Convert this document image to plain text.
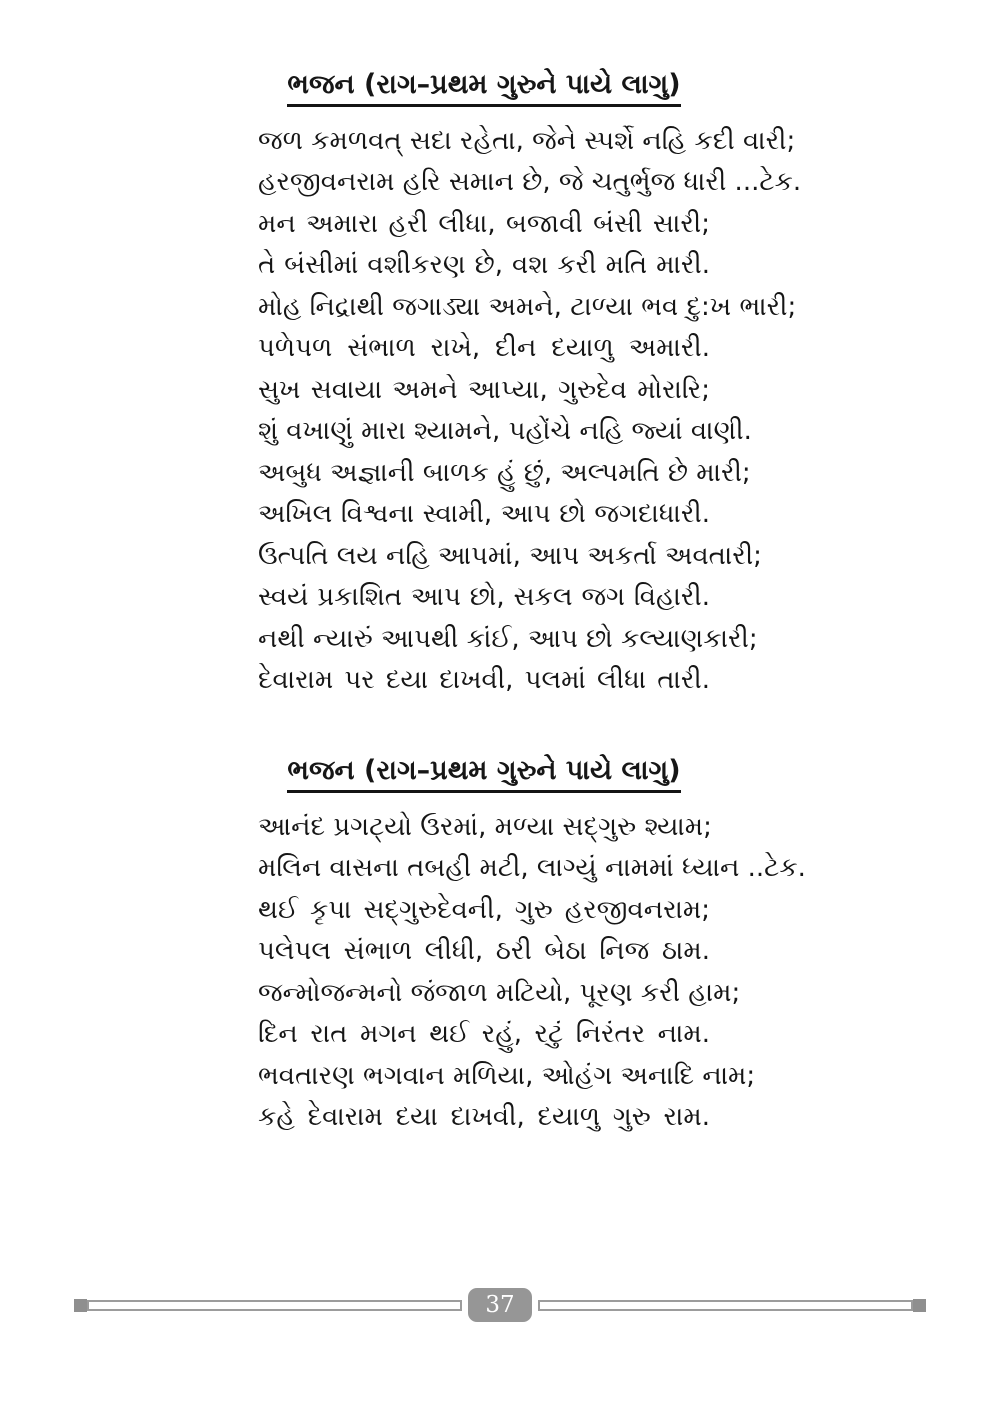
ભજન (રાગ–પ્રથમ ગુરુને પાયે લાગુ)
જળ કમળવત્ સદા રહેતા, જેને સ્પર્શે નહિ કદી વારી;
હરજીવનરામ હરિ સમાન છે, જે ચતુર્ભુજ ધારી ...ટેક.
મન અમારા હરી લીધા, બજાવી બંસી સારી;
તે બંસીમાં વશીકરણ છે, વશ કરી મતિ મારી.
મોહ નિદ્રાથી જગાડ્યા અમને, ટાળ્યા ભવ દુ:ખ ભારી;
પળેપળ સંભાળ રાખે, દીન દયાળુ અમારી.
સુખ સવાયા અમને આપ્યા, ગુરુદેવ મોરારિ;
શું વખાણું મારા શ્યામને, પહોંચે નહિ જ્યાં વાણી.
અબુધ અજ્ઞાની બાળક હું છું, અલ્પમતિ છે મારી;
અખિલ વિશ્વના સ્વામી, આપ છો જગદાધારી.
ઉત્પતિ લય નહિ આપમાં, આપ અકર્તા અવતારી;
સ્વયં પ્રકાશિત આપ છો, સકલ જગ વિહારી.
નથી ન્યારું આપથી કાંઈ, આપ છો કલ્યાણકારી;
દેવારામ પર દયા દાખવી, પલમાં લીધા તારી.
ભજન (રાગ–પ્રથમ ગુરુને પાયે લાગુ)
આનંદ પ્રગટ્યો ઉરમાં, મળ્યા સદ્ગુરુ શ્યામ;
મલિન વાસના તબહી મટી, લાગ્યું નામમાં ધ્યાન ..ટેક.
થઈ કૃપા સદ્ગુરુદેવની, ગુરુ હરજીવનરામ;
પલેપલ સંભાળ લીધી, ઠરી બેઠા નિજ ઠામ.
જન્મોજન્મનો જંજાળ મટિયો, પૂરણ કરી હામ;
દિન રાત મગન થઈ રહું, રટું નિરંતર નામ.
ભવતારણ ભગવાન મળિયા, ઓહંગ અનાદિ નામ;
કહે દેવારામ દયા દાખવી, દયાળુ ગુરુ રામ.
37
